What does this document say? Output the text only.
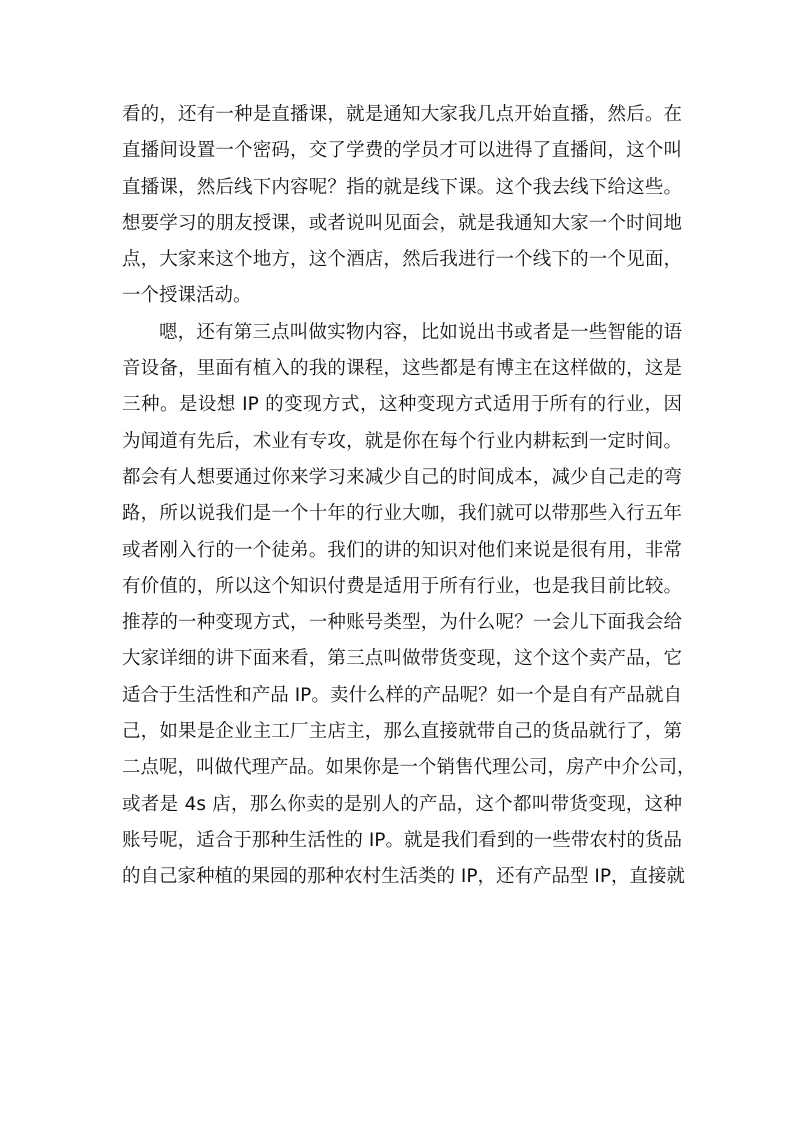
看的，还有一种是直播课，就是通知大家我几点开始直播，然后。在
直播间设置一个密码，交了学费的学员才可以进得了直播间，这个叫
直播课，然后线下内容呢？指的就是线下课。这个我去线下给这些。
想要学习的朋友授课，或者说叫见面会，就是我通知大家一个时间地
点，大家来这个地方，这个酒店，然后我进行一个线下的一个见面，
一个授课活动。
嗯，还有第三点叫做实物内容，比如说出书或者是一些智能的语
音设备，里面有植入的我的课程，这些都是有博主在这样做的，这是
三种。是设想 IP 的变现方式，这种变现方式适用于所有的行业，因
为闻道有先后，术业有专攻，就是你在每个行业内耕耘到一定时间。
都会有人想要通过你来学习来减少自己的时间成本，减少自己走的弯
路，所以说我们是一个十年的行业大咖，我们就可以带那些入行五年
或者刚入行的一个徒弟。我们的讲的知识对他们来说是很有用，非常
有价值的，所以这个知识付费是适用于所有行业，也是我目前比较。
推荐的一种变现方式，一种账号类型，为什么呢？一会儿下面我会给
大家详细的讲下面来看，第三点叫做带货变现，这个这个卖产品，它
适合于生活性和产品 IP。卖什么样的产品呢？如一个是自有产品就自
己，如果是企业主工厂主店主，那么直接就带自己的货品就行了，第
二点呢，叫做代理产品。如果你是一个销售代理公司，房产中介公司，
或者是 4s 店，那么你卖的是别人的产品，这个都叫带货变现，这种
账号呢，适合于那种生活性的 IP。就是我们看到的一些带农村的货品
的自己家种植的果园的那种农村生活类的 IP，还有产品型 IP，直接就
